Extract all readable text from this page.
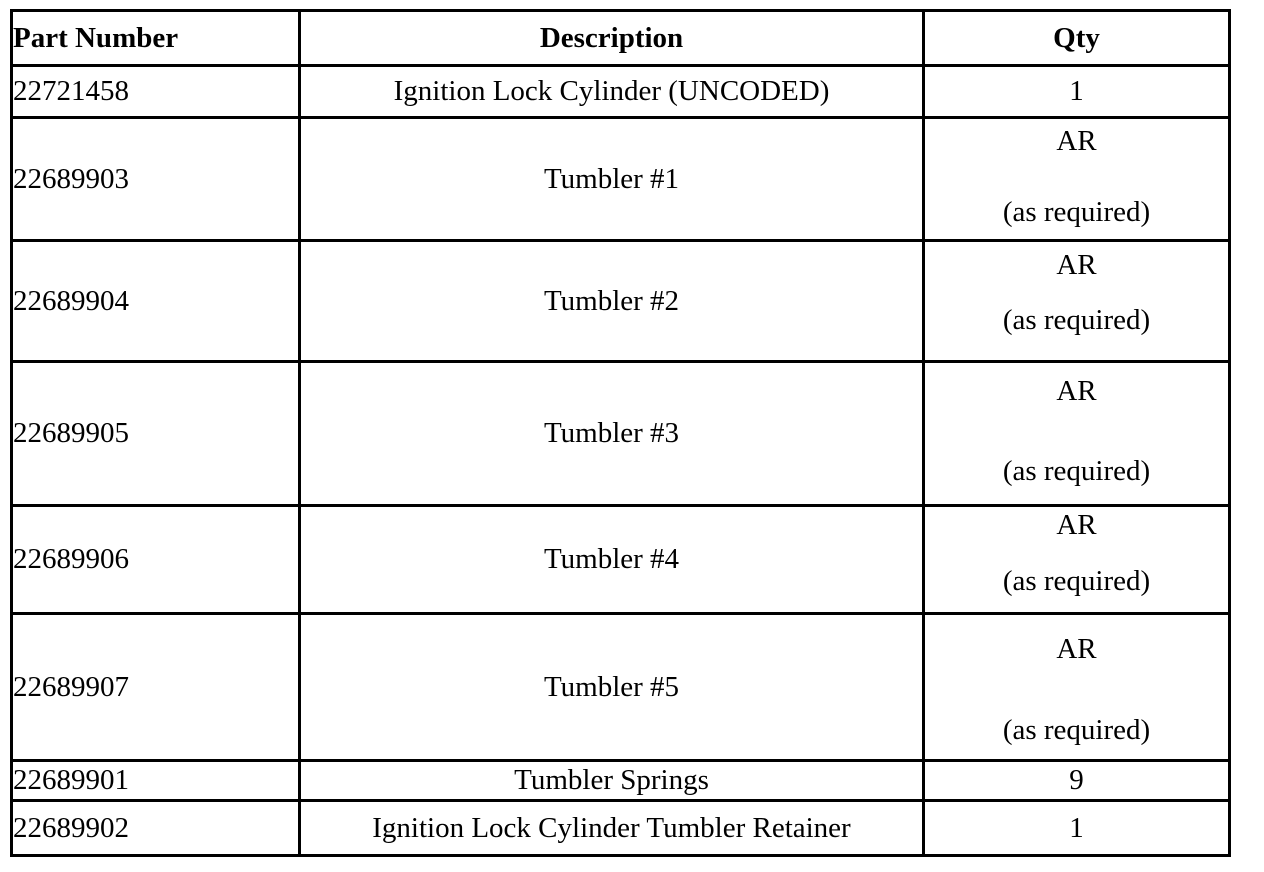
Part Number	Description	Qty
22721458	Ignition Lock Cylinder (UNCODED)	1
22689903	Tumbler #1	AR
(as required)

22689904	Tumbler #2	AR
(as required)

22689905	Tumbler #3	AR
(as required)

22689906	Tumbler #4	AR
(as required)

22689907	Tumbler #5	AR
(as required)

22689901	Tumbler Springs	9
22689902	Ignition Lock Cylinder Tumbler Retainer	1
